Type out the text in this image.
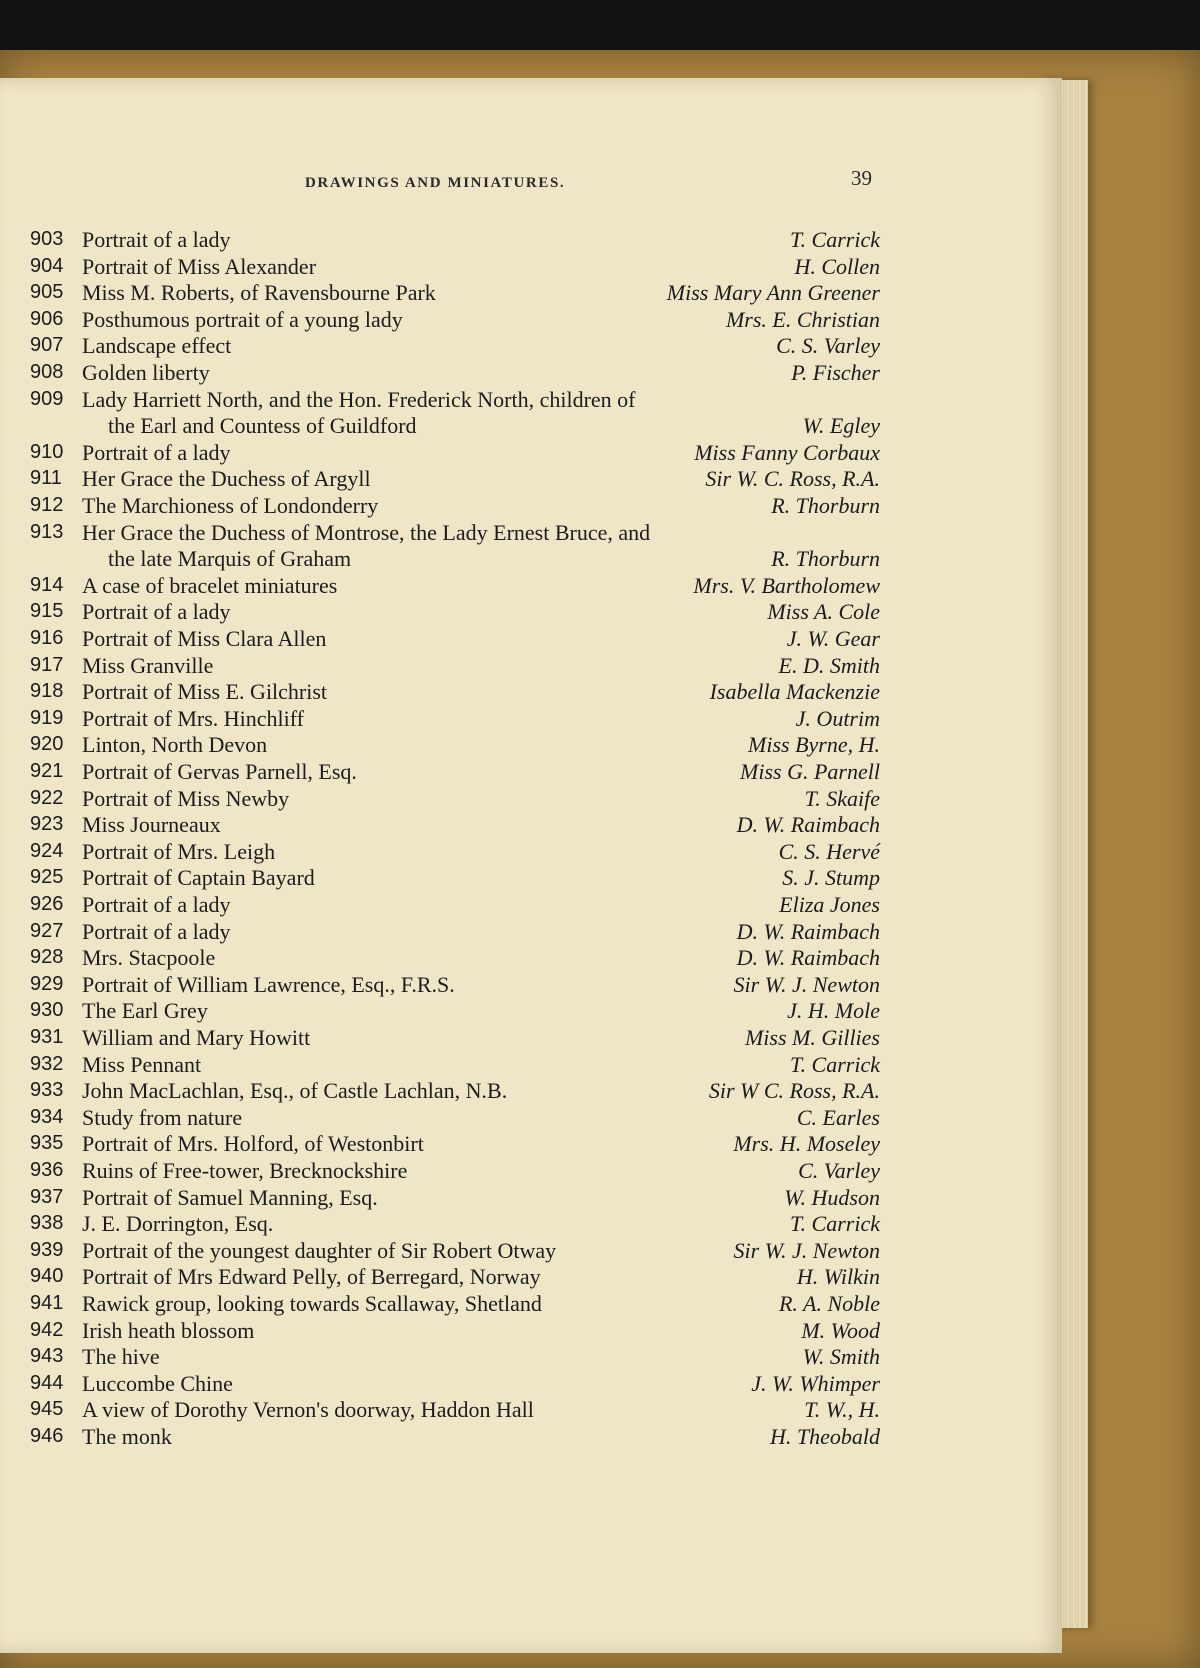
DRAWINGS AND MINIATURES.	39
903 Portrait of a lady	T. Carrick
904 Portrait of Miss Alexander	H. Collen
905 Miss M. Roberts, of Ravensbourne Park	Miss Mary Ann Greener
906 Posthumous portrait of a young lady	Mrs. E. Christian
907 Landscape effect	C. S. Varley
908 Golden liberty	P. Fischer
909 Lady Harriett North, and the Hon. Frederick North, children of
the Earl and Countess of Guildford	W. Egley
910 Portrait of a lady	Miss Fanny Corbaux
911 Her Grace the Duchess of Argyll	Sir W. C. Ross, R.A.
912 The Marchioness of Londonderry	R. Thorburn
913 Her Grace the Duchess of Montrose, the Lady Ernest Bruce, and
the late Marquis of Graham	R. Thorburn
914 A case of bracelet miniatures	Mrs. V. Bartholomew
915 Portrait of a lady	Miss A. Cole
916 Portrait of Miss Clara Allen	J. W. Gear
917 Miss Granville	E. D. Smith
918 Portrait of Miss E. Gilchrist	Isabella Mackenzie
919 Portrait of Mrs. Hinchliff	J. Outrim
920 Linton, North Devon	Miss Byrne, H.
921 Portrait of Gervas Parnell, Esq.	Miss G. Parnell
922 Portrait of Miss Newby	T. Skaife
923 Miss Journeaux	D. W. Raimbach
924 Portrait of Mrs. Leigh	C. S. Hervé
925 Portrait of Captain Bayard	S. J. Stump
926 Portrait of a lady	Eliza Jones
927 Portrait of a lady	D. W. Raimbach
928 Mrs. Stacpoole	D. W. Raimbach
929 Portrait of William Lawrence, Esq., F.R.S.	Sir W. J. Newton
930 The Earl Grey	J. H. Mole
931 William and Mary Howitt	Miss M. Gillies
932 Miss Pennant	T. Carrick
933 John MacLachlan, Esq., of Castle Lachlan, N.B.	Sir W C. Ross, R.A.
934 Study from nature	C. Earles
935 Portrait of Mrs. Holford, of Westonbirt	Mrs. H. Moseley
936 Ruins of Free-tower, Brecknockshire	C. Varley
937 Portrait of Samuel Manning, Esq.	W. Hudson
938 J. E. Dorrington, Esq.	T. Carrick
939 Portrait of the youngest daughter of Sir Robert Otway	Sir W. J. Newton
940 Portrait of Mrs Edward Pelly, of Berregard, Norway	H. Wilkin
941 Rawick group, looking towards Scallaway, Shetland	R. A. Noble
942 Irish heath blossom	M. Wood
943 The hive	W. Smith
944 Luccombe Chine	J. W. Whimper
945 A view of Dorothy Vernon's doorway, Haddon Hall	T. W., H.
946 The monk	H. Theobald
